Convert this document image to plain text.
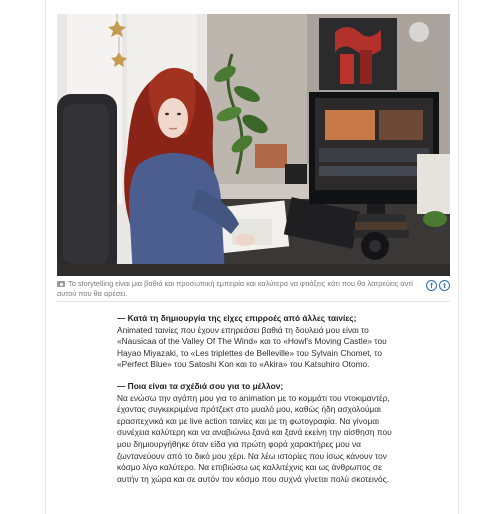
Το storytelling είναι μια βαθιά και προσωπική εμπειρία και καλύτερα να φτιάξεις κάτι που θα λατρεύεις αντί αυτού που θα αρέσει.
f	t

— Κατά τη δημιουργία της είχες επιρροές από άλλες ταινίες;

Animated ταινίες που έχουν επηρεάσει βαθιά τη δουλειά μου είναι το «Nausicaa of the Valley Of The Wind» και το «Howl's Moving Castle» του Hayao Miyazaki, το «Les triplettes de Belleville» του Sylvain Chomet, το «Perfect Blue» του Satoshi Kon και το «Akira» του Katsuhiro Otomo.

— Ποια είναι τα σχέδιά σου για το μέλλον;

Να ενώσω την αγάπη μου για το animation με το κομμάτι του ντοκιμαντέρ, έχοντας συγκεκριμένα πρότζεκτ στο μυαλό μου, καθώς ήδη ασχολούμαι ερασιτεχνικά και με live action ταινίες και με τη φωτογραφία. Να γίνομαι συνέχεια καλύτερη και να αναβιώνω ξανά και ξανά εκείνη την αίσθηση που μου δημιουργήθηκε όταν είδα για πρώτη φορά χαρακτήρες μου να ζωντανεύουν από το δικό μου χέρι. Να λέω ιστορίες που ίσως κάνουν τον κόσμο λίγο καλύτερο. Να επιβιώσω ως καλλιτέχνις και ως άνθρωπος σε αυτήν τη χώρα και σε αυτόν τον κόσμο που συχνά γίνεται πολύ σκοτεινός.
